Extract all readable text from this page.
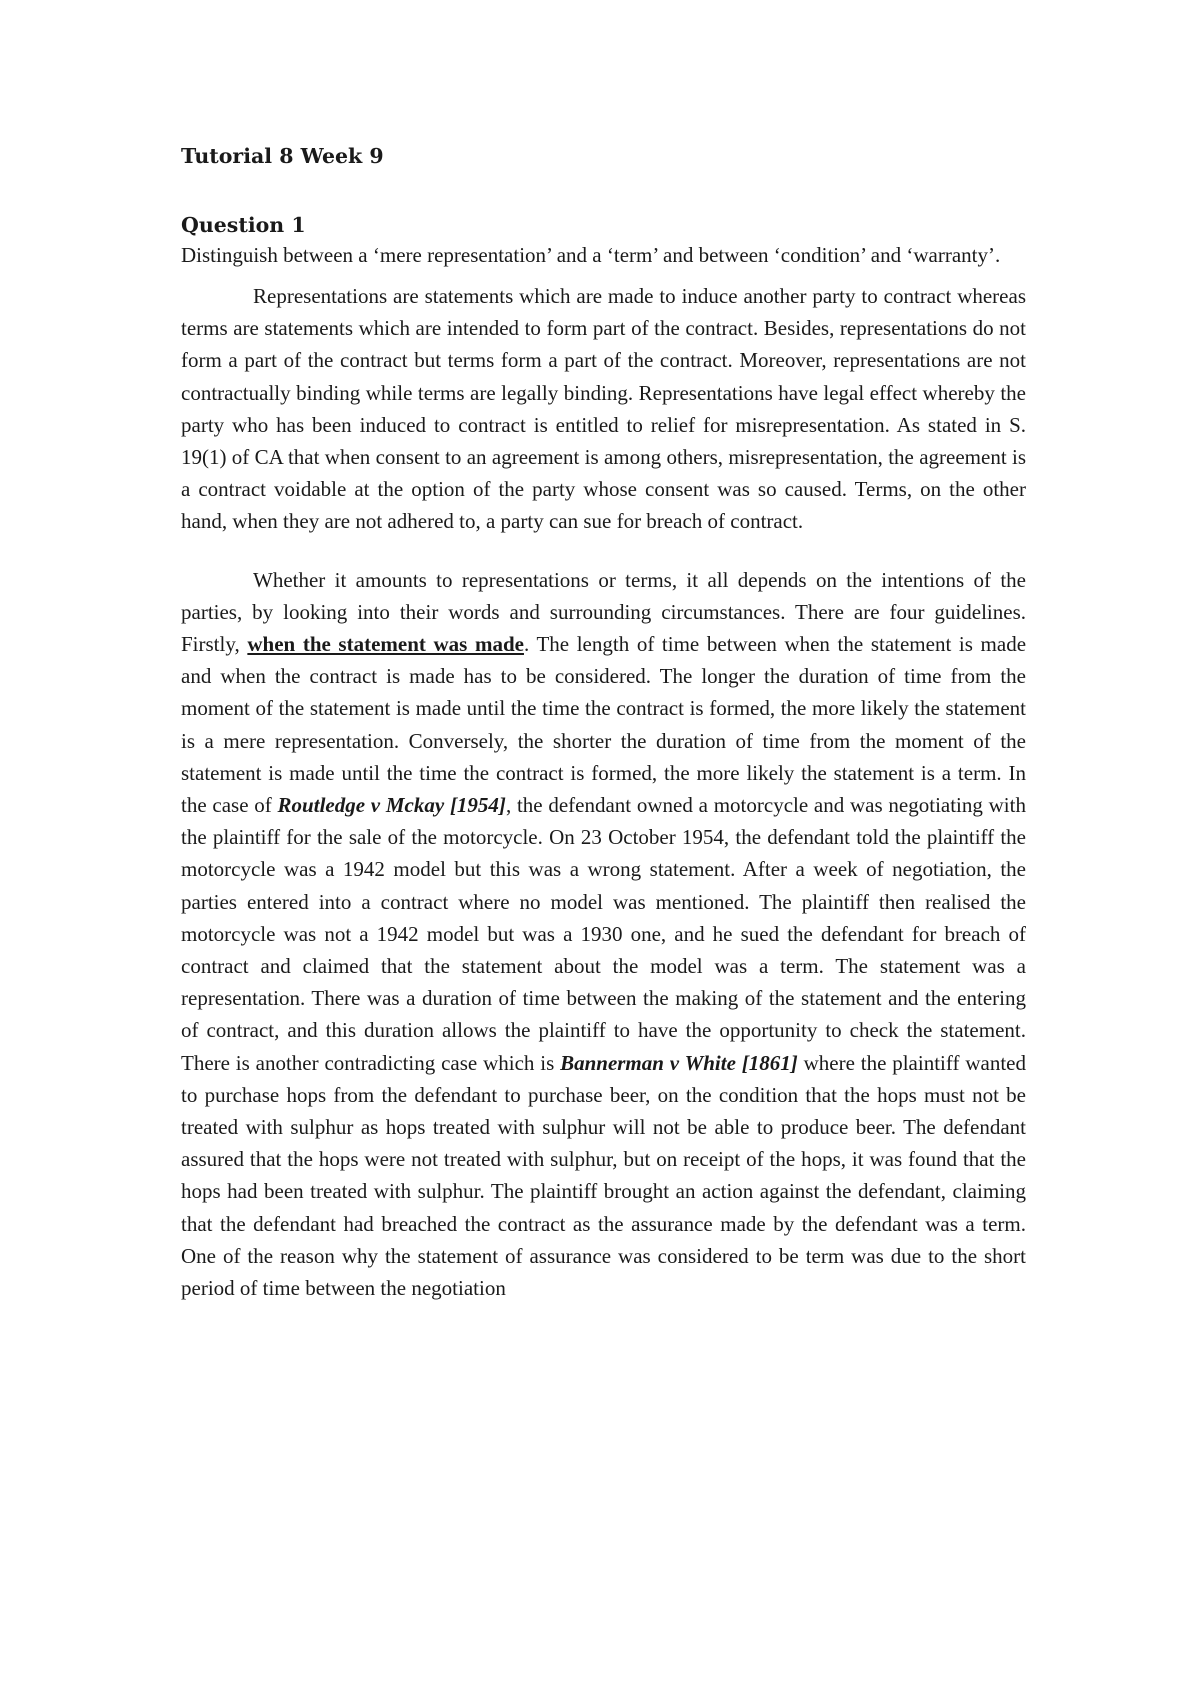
Tutorial 8 Week 9
Question 1

Distinguish between a ‘mere representation’ and a ‘term’ and between ‘condition’ and ‘warranty’.

Representations are statements which are made to induce another party to contract whereas terms are statements which are intended to form part of the contract. Besides, representations do not form a part of the contract but terms form a part of the contract. Moreover, representations are not contractually binding while terms are legally binding. Representations have legal effect whereby the party who has been induced to contract is entitled to relief for misrepresentation. As stated in S. 19(1) of CA that when consent to an agreement is among others, misrepresentation, the agreement is a contract voidable at the option of the party whose consent was so caused. Terms, on the other hand, when they are not adhered to, a party can sue for breach of contract.

Whether it amounts to representations or terms, it all depends on the intentions of the parties, by looking into their words and surrounding circumstances. There are four guidelines. Firstly, when the statement was made. The length of time between when the statement is made and when the contract is made has to be considered. The longer the duration of time from the moment of the statement is made until the time the contract is formed, the more likely the statement is a mere representation. Conversely, the shorter the duration of time from the moment of the statement is made until the time the contract is formed, the more likely the statement is a term. In the case of Routledge v Mckay [1954], the defendant owned a motorcycle and was negotiating with the plaintiff for the sale of the motorcycle. On 23 October 1954, the defendant told the plaintiff the motorcycle was a 1942 model but this was a wrong statement. After a week of negotiation, the parties entered into a contract where no model was mentioned. The plaintiff then realised the motorcycle was not a 1942 model but was a 1930 one, and he sued the defendant for breach of contract and claimed that the statement about the model was a term. The statement was a representation. There was a duration of time between the making of the statement and the entering of contract, and this duration allows the plaintiff to have the opportunity to check the statement. There is another contradicting case which is Bannerman v White [1861] where the plaintiff wanted to purchase hops from the defendant to purchase beer, on the condition that the hops must not be treated with sulphur as hops treated with sulphur will not be able to produce beer. The defendant assured that the hops were not treated with sulphur, but on receipt of the hops, it was found that the hops had been treated with sulphur. The plaintiff brought an action against the defendant, claiming that the defendant had breached the contract as the assurance made by the defendant was a term. One of the reason why the statement of assurance was considered to be term was due to the short period of time between the negotiation
